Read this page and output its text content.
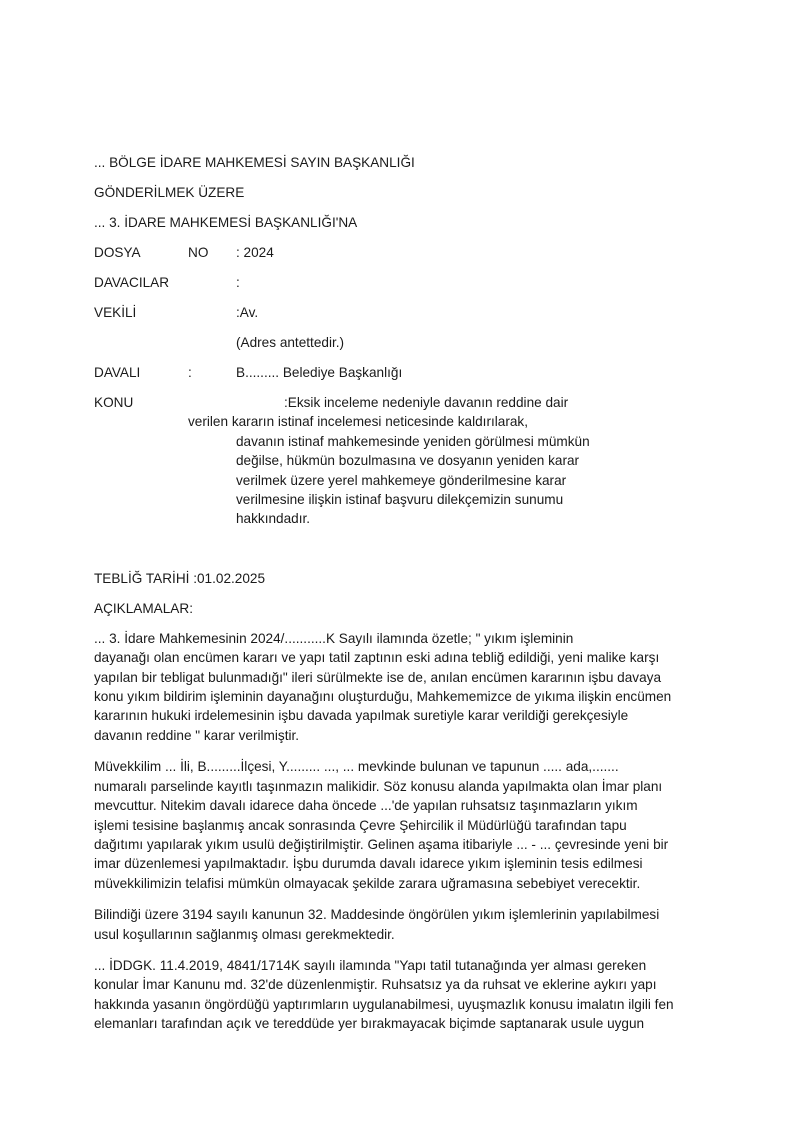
... BÖLGE İDARE MAHKEMESİ SAYIN BAŞKANLIĞI
GÖNDERİLMEK ÜZERE
... 3. İDARE MAHKEMESİ BAŞKANLIĞI'NA
DOSYA	NO : 2024
DAVACILAR	:
VEKİLİ	:Av.
(Adres antettedir.)
DAVALI	:	B......... Belediye Başkanlığı
KONU	:Eksik inceleme nedeniyle davanın reddine dair
verilen kararın istinaf incelemesi neticesinde kaldırılarak,
davanın istinaf mahkemesinde yeniden görülmesi mümkün
değilse, hükmün bozulmasına ve dosyanın yeniden karar
verilmek üzere yerel mahkemeye gönderilmesine karar
verilmesine ilişkin istinaf başvuru dilekçemizin sunumu
hakkındadır.
TEBLİĞ TARİHİ :01.02.2025
AÇIKLAMALAR:

... 3. İdare Mahkemesinin 2024/...........K Sayılı ilamında özetle; " yıkım işleminin
dayanağı olan encümen kararı ve yapı tatil zaptının eski adına tebliğ edildiği, yeni malike karşı
yapılan bir tebligat bulunmadığı" ileri sürülmekte ise de, anılan encümen kararının işbu davaya
konu yıkım bildirim işleminin dayanağını oluşturduğu, Mahkememizce de yıkıma ilişkin encümen
kararının hukuki irdelemesinin işbu davada yapılmak suretiyle karar verildiği gerekçesiyle
davanın reddine " karar verilmiştir.

Müvekkilim ... İli, B.........İlçesi, Y......... ..., ... mevkinde bulunan ve tapunun ..... ada,.......
numaralı parselinde kayıtlı taşınmazın malikidir. Söz konusu alanda yapılmakta olan İmar planı
mevcuttur. Nitekim davalı idarece daha öncede ...'de yapılan ruhsatsız taşınmazların yıkım
işlemi tesisine başlanmış ancak sonrasında Çevre Şehircilik il Müdürlüğü tarafından tapu
dağıtımı yapılarak yıkım usulü değiştirilmiştir. Gelinen aşama itibariyle ... - ... çevresinde yeni bir
imar düzenlemesi yapılmaktadır. İşbu durumda davalı idarece yıkım işleminin tesis edilmesi
müvekkilimizin telafisi mümkün olmayacak şekilde zarara uğramasına sebebiyet verecektir.

Bilindiği üzere 3194 sayılı kanunun 32. Maddesinde öngörülen yıkım işlemlerinin yapılabilmesi
usul koşullarının sağlanmış olması gerekmektedir.

... İDDGK. 11.4.2019, 4841/1714K sayılı ilamında "Yapı tatil tutanağında yer alması gereken
konular İmar Kanunu md. 32'de düzenlenmiştir. Ruhsatsız ya da ruhsat ve eklerine aykırı yapı
hakkında yasanın öngördüğü yaptırımların uygulanabilmesi, uyuşmazlık konusu imalatın ilgili fen
elemanları tarafından açık ve tereddüde yer bırakmayacak biçimde saptanarak usule uygun
